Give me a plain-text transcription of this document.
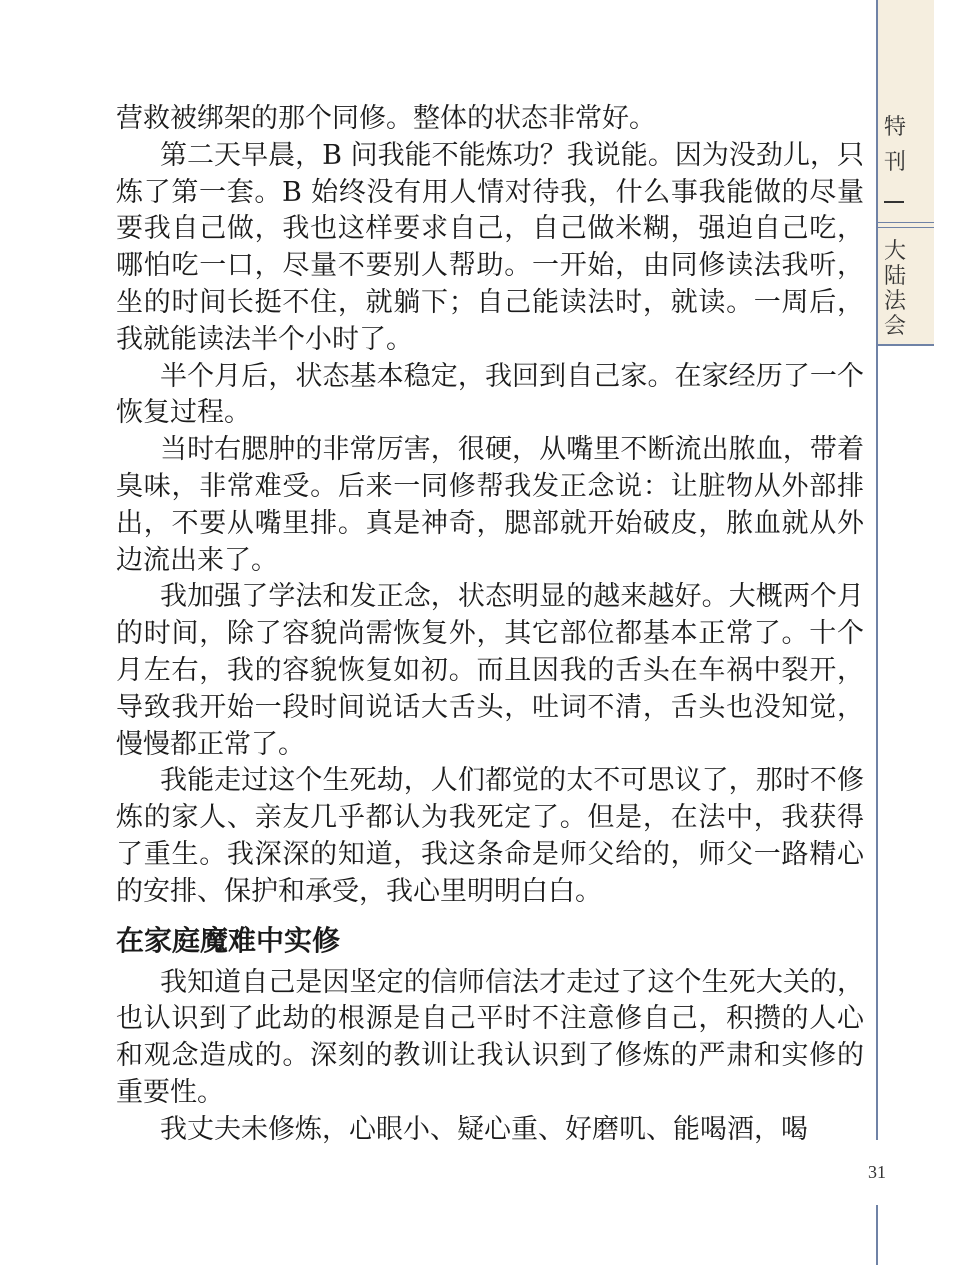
特
刊
大
陆
法
会

营救被绑架的那个同修。整体的状态非常好。

第二天早晨，B 问我能不能炼功？我说能。因为没劲儿，只炼了第一套。B 始终没有用人情对待我，什么事我能做的尽量要我自己做，我也这样要求自己，自己做米糊，强迫自己吃，哪怕吃一口，尽量不要别人帮助。一开始，由同修读法我听，坐的时间长挺不住，就躺下；自己能读法时，就读。一周后，我就能读法半个小时了。

半个月后，状态基本稳定，我回到自己家。在家经历了一个恢复过程。

当时右腮肿的非常厉害，很硬，从嘴里不断流出脓血，带着臭味，非常难受。后来一同修帮我发正念说：让脏物从外部排出，不要从嘴里排。真是神奇，腮部就开始破皮，脓血就从外边流出来了。

我加强了学法和发正念，状态明显的越来越好。大概两个月的时间，除了容貌尚需恢复外，其它部位都基本正常了。十个月左右，我的容貌恢复如初。而且因我的舌头在车祸中裂开，导致我开始一段时间说话大舌头，吐词不清，舌头也没知觉，慢慢都正常了。

我能走过这个生死劫，人们都觉的太不可思议了，那时不修炼的家人、亲友几乎都认为我死定了。但是，在法中，我获得了重生。我深深的知道，我这条命是师父给的，师父一路精心的安排、保护和承受，我心里明明白白。

在家庭魔难中实修

我知道自己是因坚定的信师信法才走过了这个生死大关的，也认识到了此劫的根源是自己平时不注意修自己，积攒的人心和观念造成的。深刻的教训让我认识到了修炼的严肃和实修的重要性。

我丈夫未修炼，心眼小、疑心重、好磨叽、能喝酒，喝

31
